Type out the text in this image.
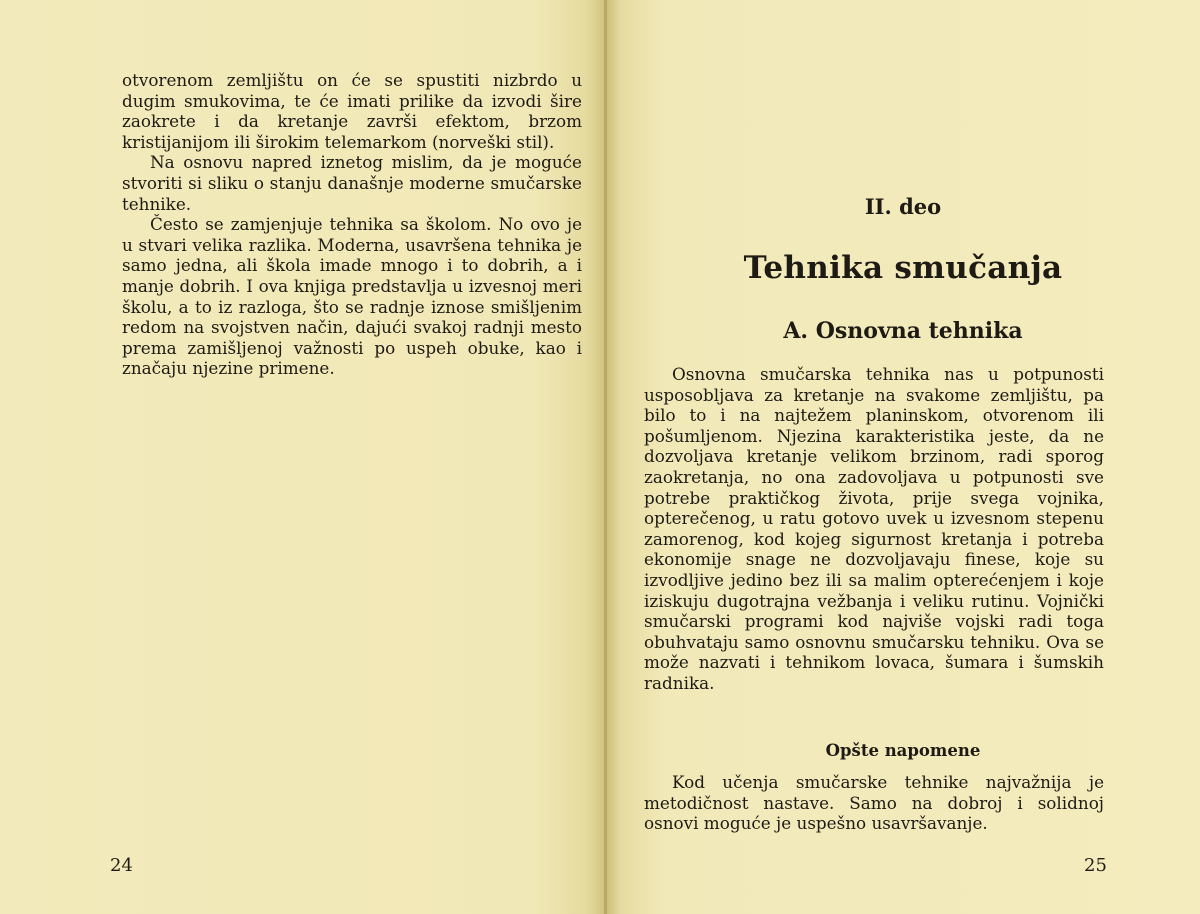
otvorenom zemljištu on će se spustiti nizbrdo u dugim smukovima, te će imati prilike da izvodi šire zaokrete i da kretanje završi efektom, brzom kristijanijom ili širokim telemarkom (norveški stil).

Na osnovu napred iznetog mislim, da je moguće stvoriti si sliku o stanju današnje moderne smučarske tehnike.

Često se zamjenjuje tehnika sa školom. No ovo je u stvari velika razlika. Moderna, usavršena tehnika je samo jedna, ali škola imade mnogo i to dobrih, a i manje dobrih. I ova knjiga predstavlja u izvesnoj meri školu, a to iz razloga, što se radnje iznose smišljenim redom na svojstven način, dajući svakoj radnji mesto prema zamišljenoj važnosti po uspeh obuke, kao i značaju njezine primene.

24
II. deo
Tehnika smučanja
A. Osnovna tehnika

Osnovna smučarska tehnika nas u potpunosti usposobljava za kretanje na svakome zemljištu, pa bilo to i na najtežem planinskom, otvorenom ili pošumljenom. Njezina karakteristika jeste, da ne dozvoljava kretanje velikom brzinom, radi sporog zaokretanja, no ona zadovoljava u potpunosti sve potrebe praktičkog života, prije svega vojnika, opterečenog, u ratu gotovo uvek u izvesnom stepenu zamorenog, kod kojeg sigurnost kretanja i potreba ekonomije snage ne dozvoljavaju finese, koje su izvodljive jedino bez ili sa malim opterećenjem i koje iziskuju dugotrajna vežbanja i veliku rutinu. Vojnički smučarski programi kod najviše vojski radi toga obuhvataju samo osnovnu smučarsku tehniku. Ova se može nazvati i tehnikom lovaca, šumara i šumskih radnika.

Opšte napomene

Kod učenja smučarske tehnike najvažnija je metodičnost nastave. Samo na dobroj i solidnoj osnovi moguće je uspešno usavršavanje.

25
